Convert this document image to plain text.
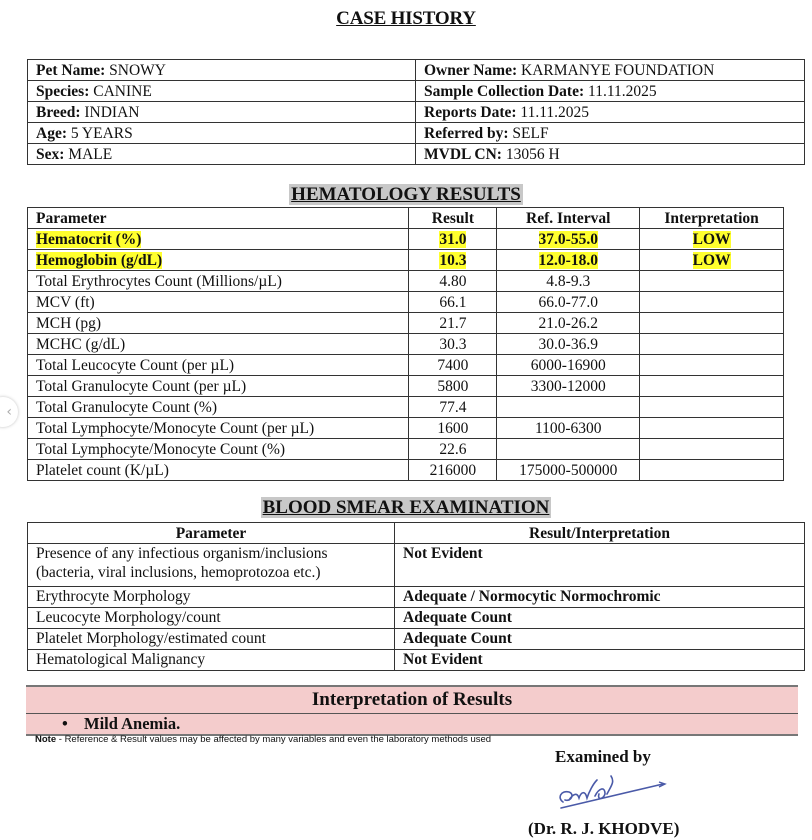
CASE HISTORY
Pet Name: SNOWY	Owner Name: KARMANYE FOUNDATION
Species: CANINE	Sample Collection Date: 11.11.2025
Breed: INDIAN	Reports Date: 11.11.2025
Age: 5 YEARS	Referred by: SELF
Sex: MALE	MVDL CN: 13056 H
HEMATOLOGY RESULTS
Parameter	Result	Ref. Interval	Interpretation
Hematocrit (%)	31.0	37.0-55.0	LOW
Hemoglobin (g/dL)	10.3	12.0-18.0	LOW
Total Erythrocytes Count (Millions/µL)	4.80	4.8-9.3	
MCV (ft)	66.1	66.0-77.0	
MCH (pg)	21.7	21.0-26.2	
MCHC (g/dL)	30.3	30.0-36.9	
Total Leucocyte Count (per µL)	7400	6000-16900	
Total Granulocyte Count (per µL)	5800	3300-12000	
Total Granulocyte Count (%)	77.4		
Total Lymphocyte/Monocyte Count (per µL)	1600	1100-6300	
Total Lymphocyte/Monocyte Count (%)	22.6		
Platelet count (K/µL)	216000	175000-500000	
BLOOD SMEAR EXAMINATION
Parameter	Result/Interpretation
Presence of any infectious organism/inclusions (bacteria, viral inclusions, hemoprotozoa etc.)	Not Evident
Erythrocyte Morphology	Adequate / Normocytic Normochromic
Leucocyte Morphology/count	Adequate Count
Platelet Morphology/estimated count	Adequate Count
Hematological Malignancy	Not Evident
Interpretation of Results
• Mild Anemia.
Note - Reference & Result values may be affected by many variables and even the laboratory methods used
Examined by
(Dr. R. J. KHODVE)
‹
